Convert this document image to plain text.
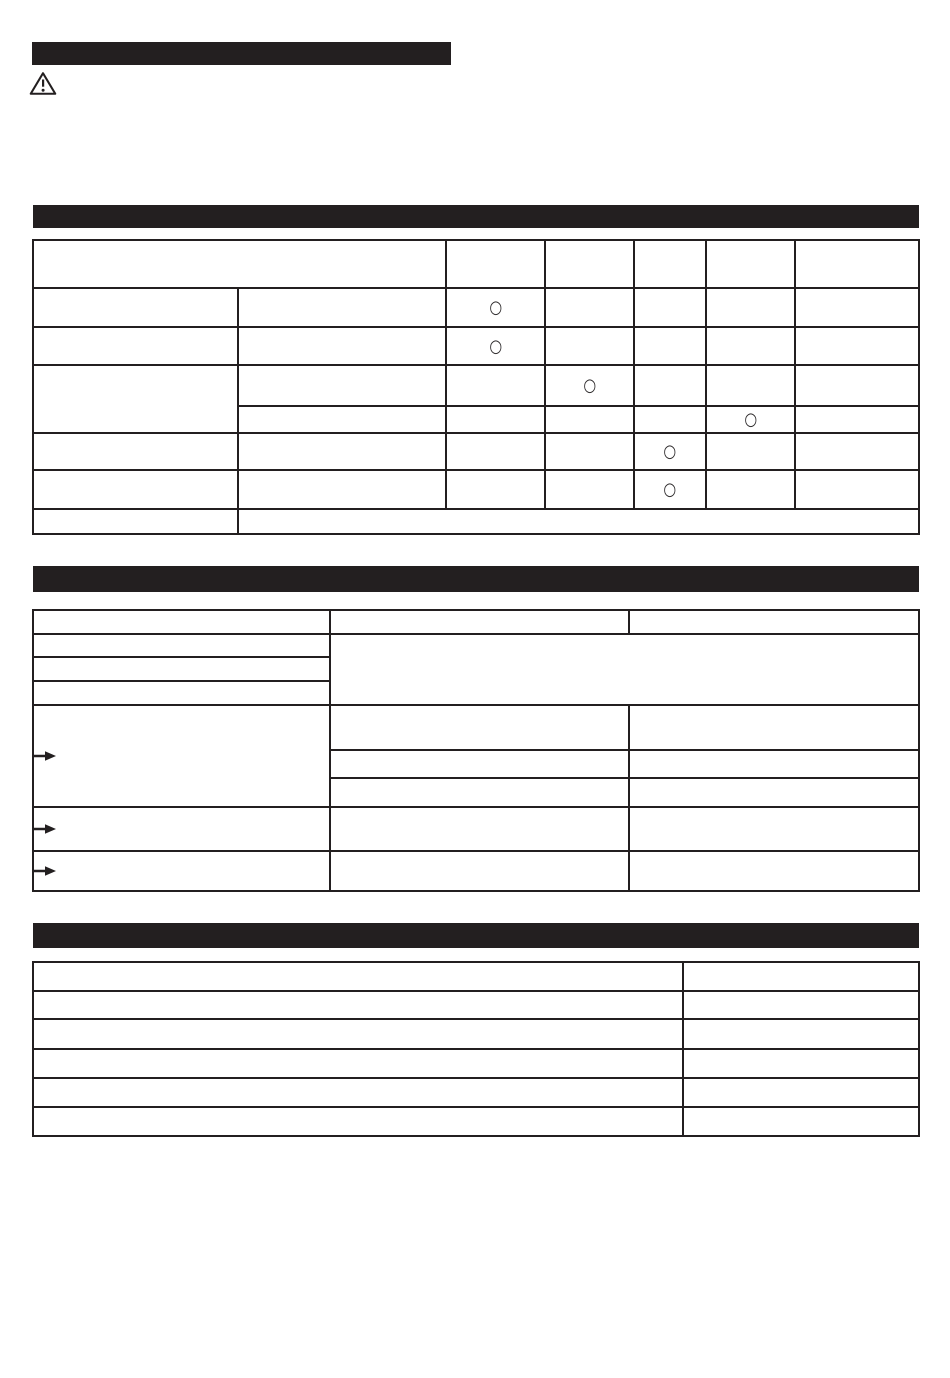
		○				
		○				
			○			
					○	
				○		
				○		
